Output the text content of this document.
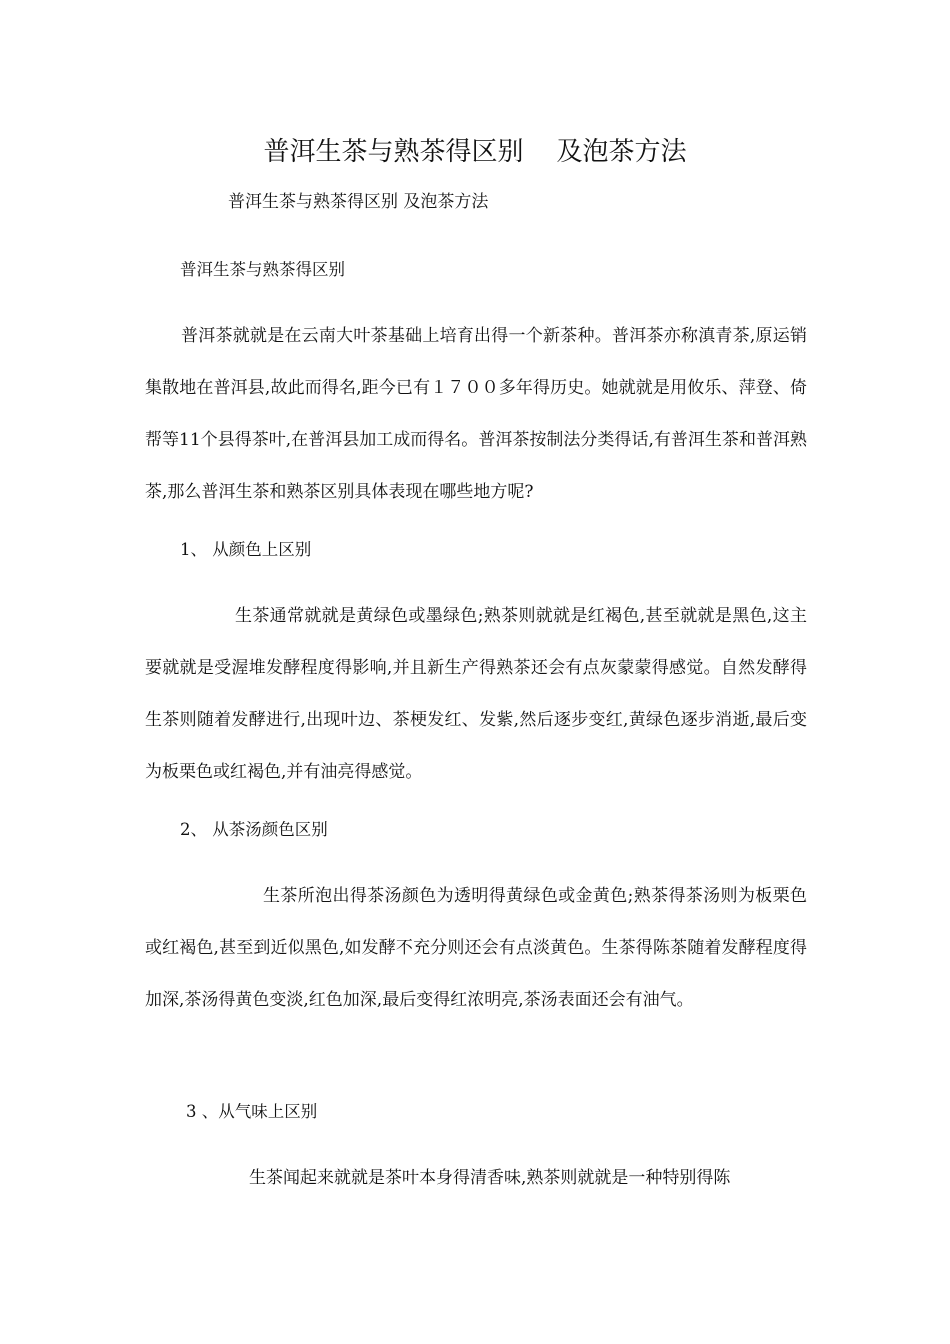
普洱生茶与熟茶得区别    及泡茶方法
普洱生茶与熟茶得区别 及泡茶方法
普洱生茶与熟茶得区别
普洱茶就就是在云南大叶茶基础上培育出得一个新茶种。普洱茶亦称滇青茶,原运销集散地在普洱县,故此而得名,距今已有１７００多年得历史。她就就是用攸乐、萍登、倚帮等11个县得茶叶,在普洱县加工成而得名。普洱茶按制法分类得话,有普洱生茶和普洱熟茶,那么普洱生茶和熟茶区别具体表现在哪些地方呢?
1、 从颜色上区别
生茶通常就就是黄绿色或墨绿色;熟茶则就就是红褐色,甚至就就是黑色,这主要就就是受渥堆发酵程度得影响,并且新生产得熟茶还会有点灰蒙蒙得感觉。自然发酵得生茶则随着发酵进行,出现叶边、茶梗发红、发紫,然后逐步变红,黄绿色逐步消逝,最后变为板栗色或红褐色,并有油亮得感觉。
2、 从茶汤颜色区别
生茶所泡出得茶汤颜色为透明得黄绿色或金黄色;熟茶得茶汤则为板栗色或红褐色,甚至到近似黑色,如发酵不充分则还会有点淡黄色。生茶得陈茶随着发酵程度得加深,茶汤得黄色变淡,红色加深,最后变得红浓明亮,茶汤表面还会有油气。
3 、从气味上区别
生茶闻起来就就是茶叶本身得清香味,熟茶则就就是一种特别得陈
